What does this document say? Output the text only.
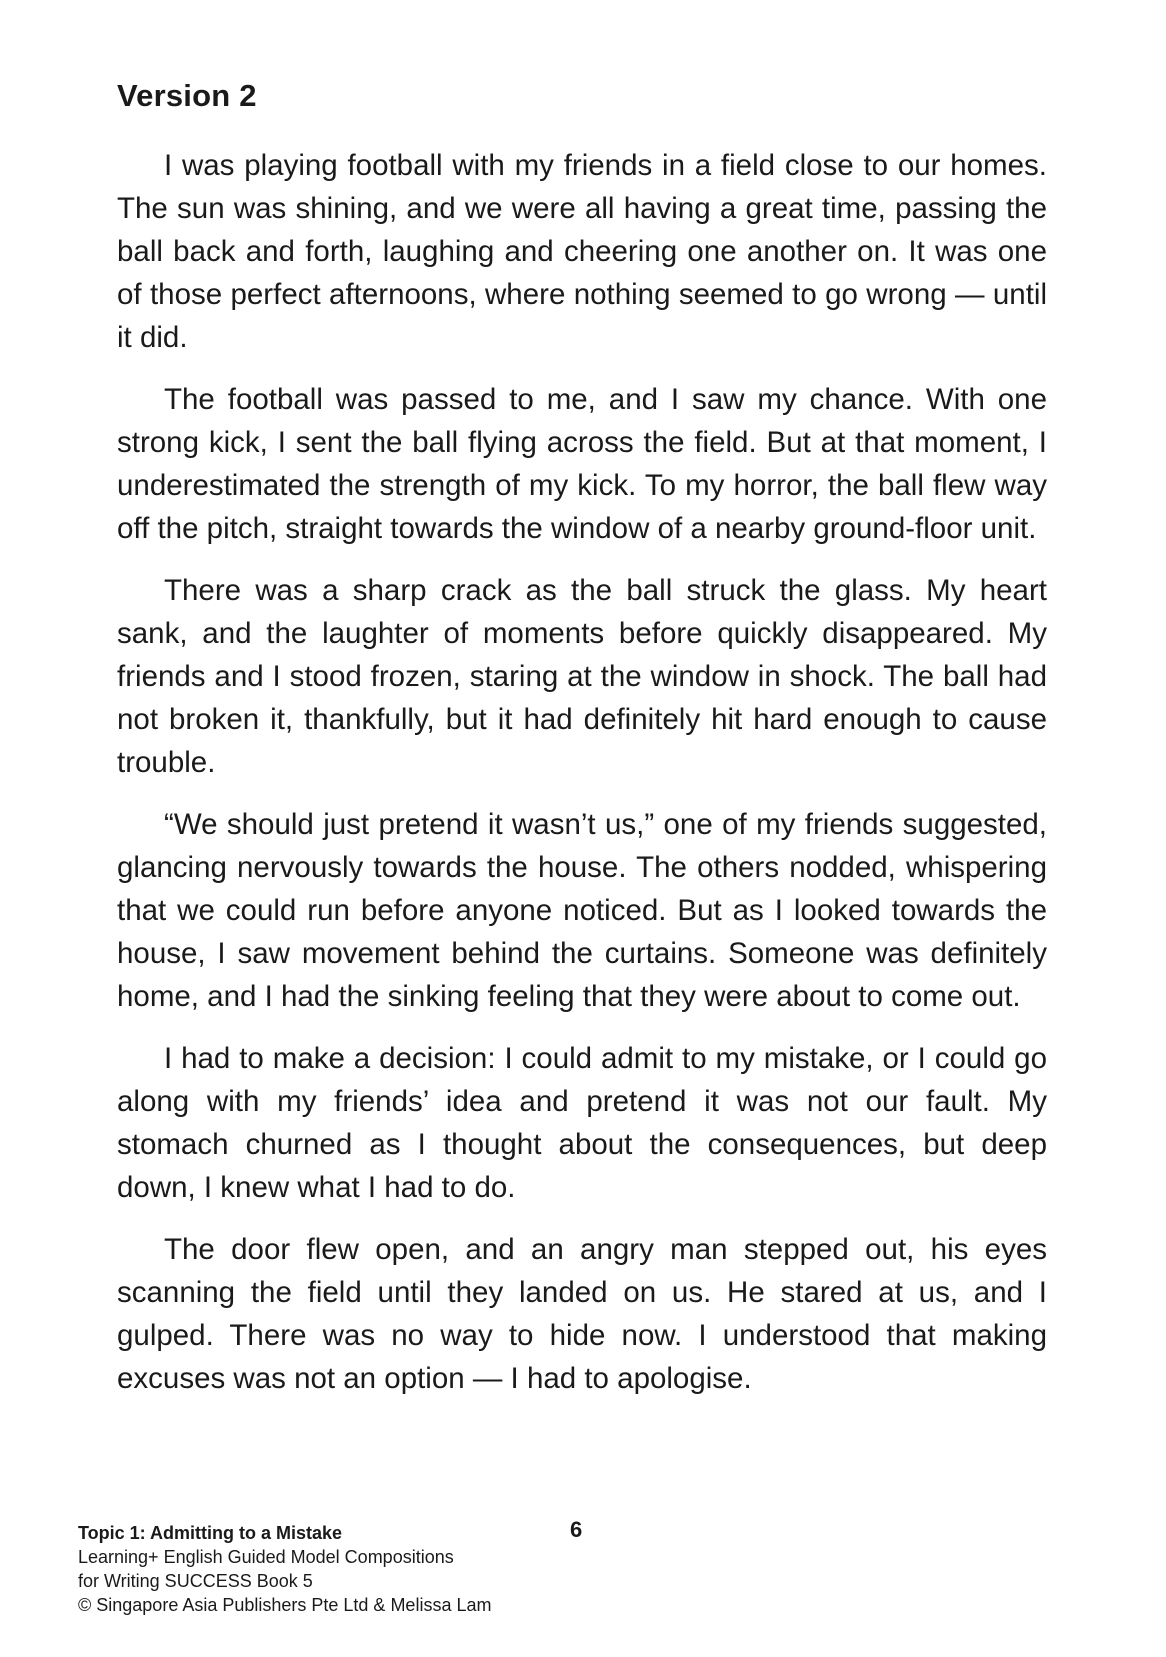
Version 2

I was playing football with my friends in a field close to our homes. The sun was shining, and we were all having a great time, passing the ball back and forth, laughing and cheering one another on. It was one of those perfect afternoons, where nothing seemed to go wrong — until it did.

The football was passed to me, and I saw my chance. With one strong kick, I sent the ball flying across the field. But at that moment, I underestimated the strength of my kick. To my horror, the ball flew way off the pitch, straight towards the window of a nearby ground-floor unit.

There was a sharp crack as the ball struck the glass. My heart sank, and the laughter of moments before quickly disappeared. My friends and I stood frozen, staring at the window in shock. The ball had not broken it, thankfully, but it had definitely hit hard enough to cause trouble.

“We should just pretend it wasn’t us,” one of my friends suggested, glancing nervously towards the house. The others nodded, whispering that we could run before anyone noticed. But as I looked towards the house, I saw movement behind the curtains. Someone was definitely home, and I had the sinking feeling that they were about to come out.

I had to make a decision: I could admit to my mistake, or I could go along with my friends’ idea and pretend it was not our fault. My stomach churned as I thought about the consequences, but deep down, I knew what I had to do.

The door flew open, and an angry man stepped out, his eyes scanning the field until they landed on us. He stared at us, and I gulped. There was no way to hide now. I understood that making excuses was not an option — I had to apologise.

Topic 1: Admitting to a Mistake
Learning+ English Guided Model Compositions
for Writing SUCCESS Book 5
© Singapore Asia Publishers Pte Ltd & Melissa Lam
6
